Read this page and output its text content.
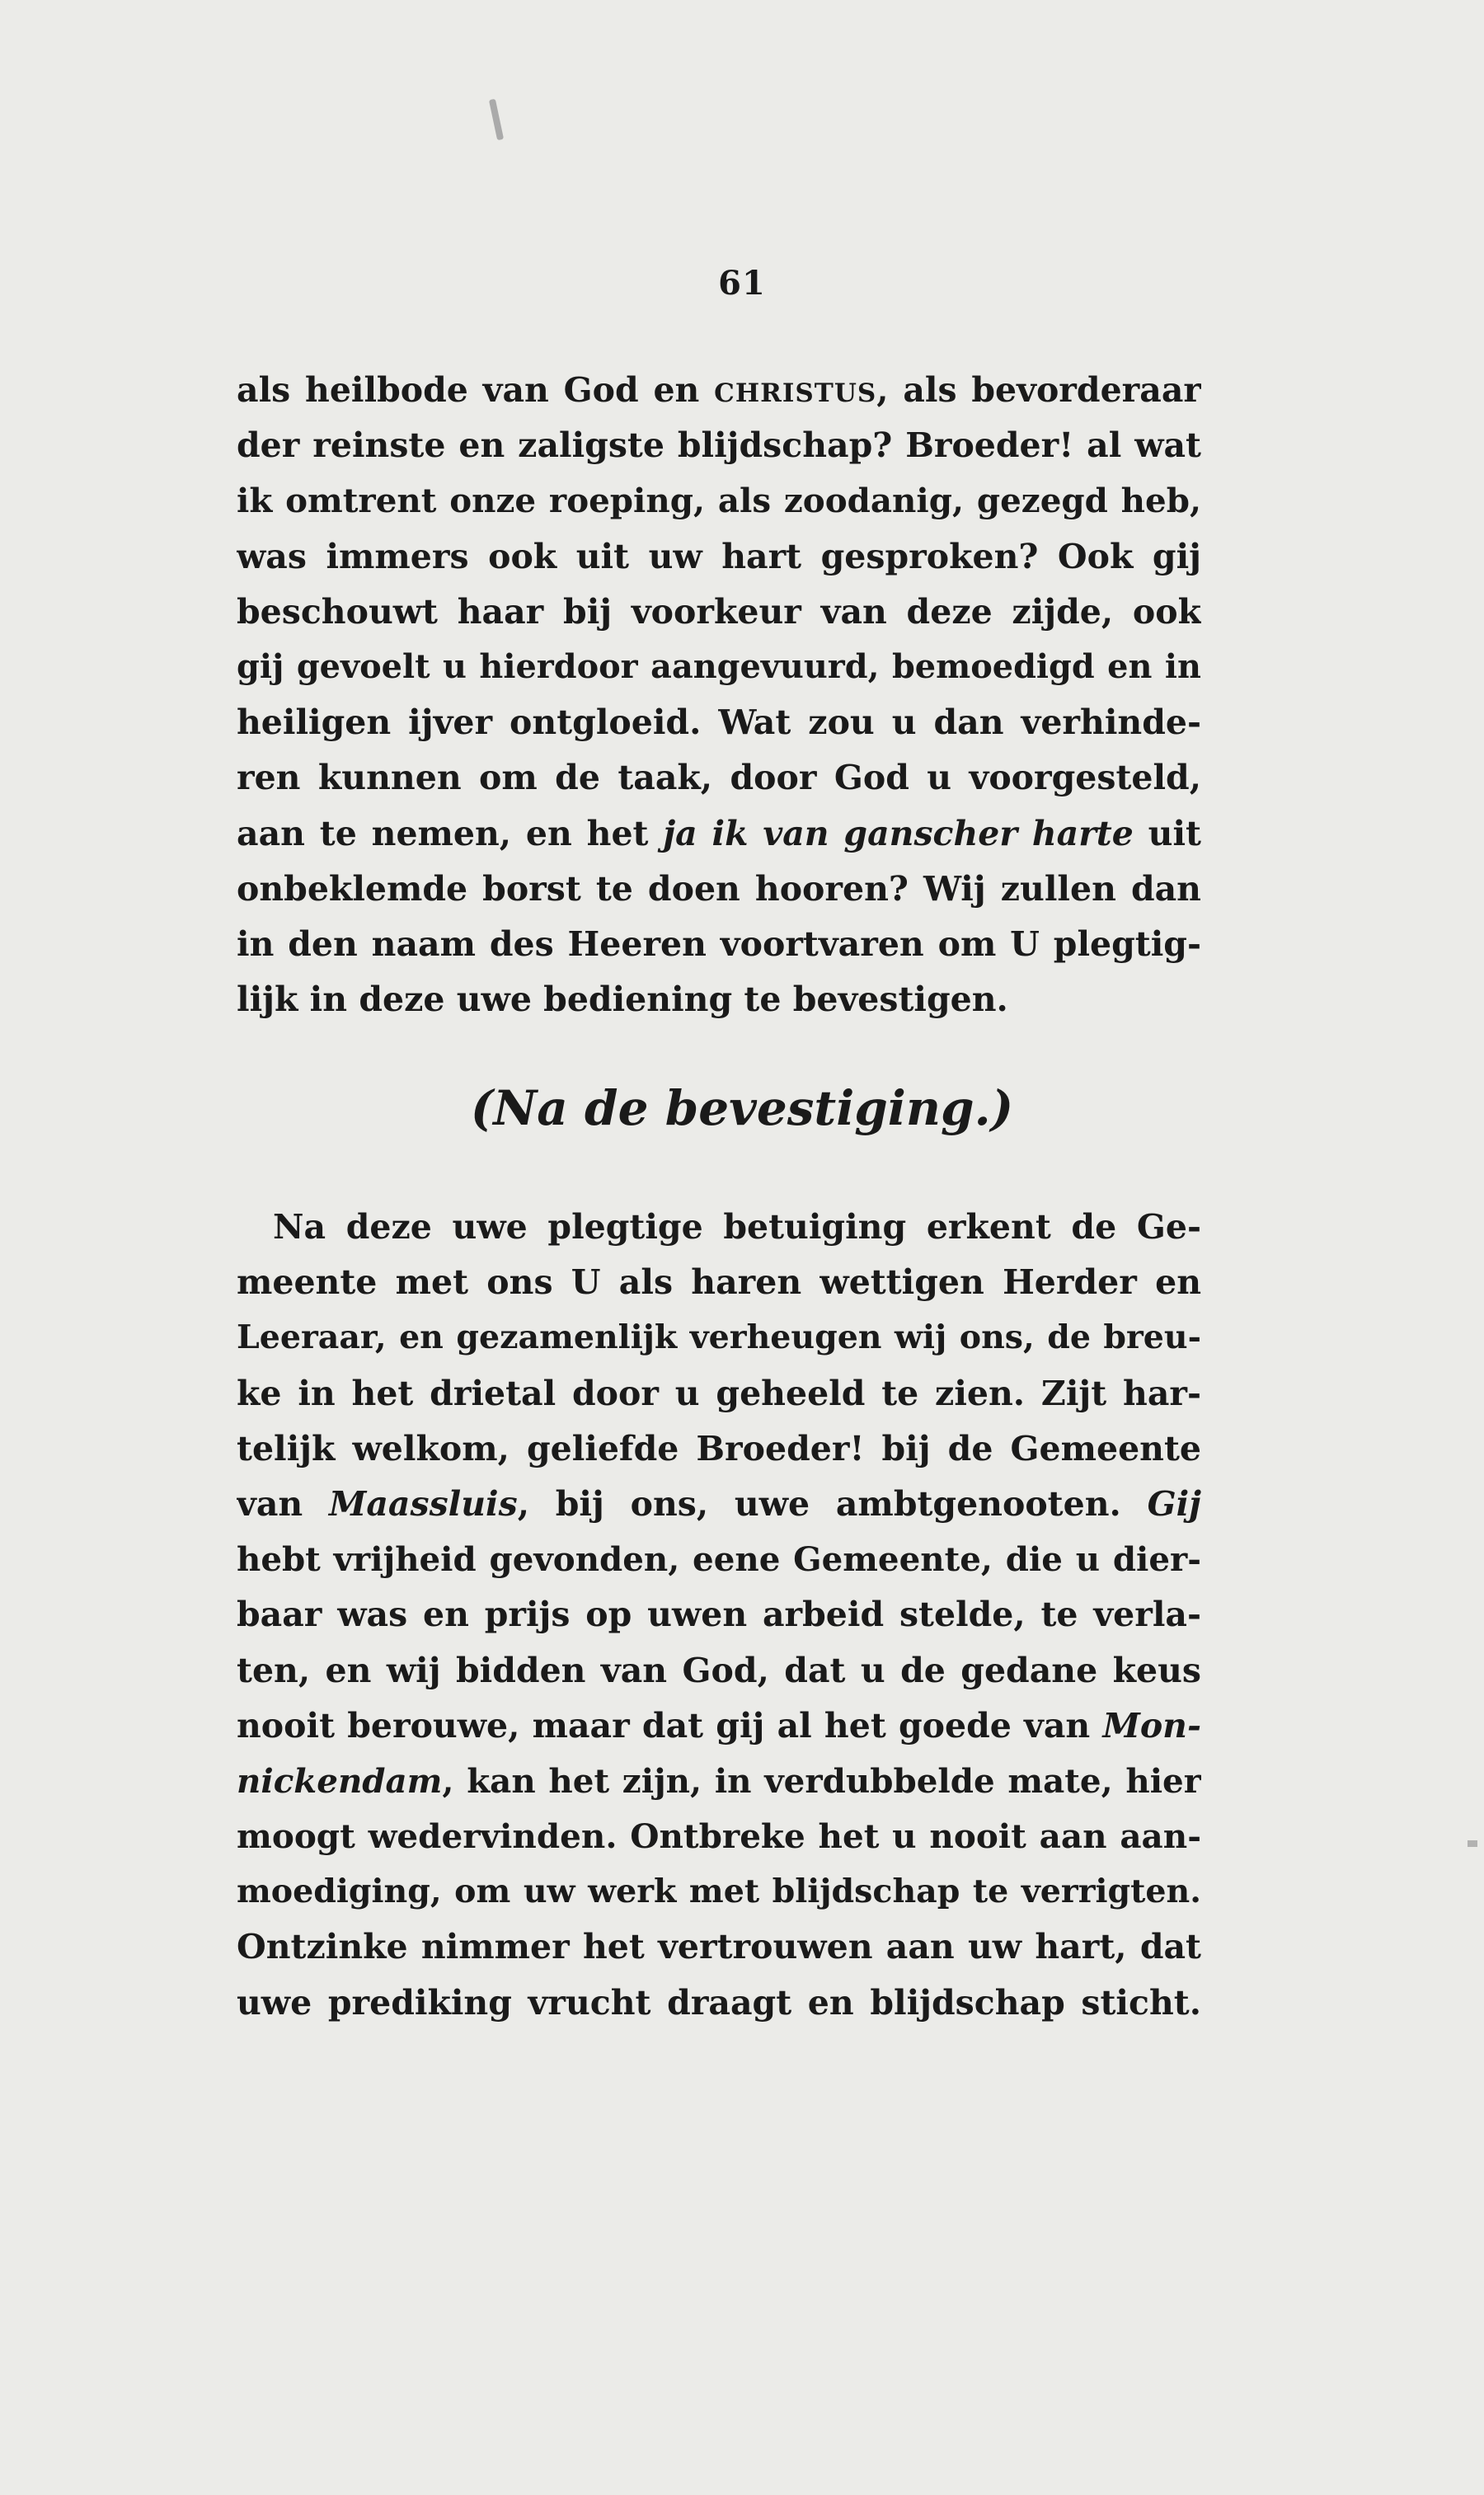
61
als heilbode van God en CHRISTUS, als bevorderaar
der reinste en zaligste blijdschap? Broeder! al wat
ik omtrent onze roeping, als zoodanig, gezegd heb,
was immers ook uit uw hart gesproken? Ook gij
beschouwt haar bij voorkeur van deze zijde, ook
gij gevoelt u hierdoor aangevuurd, bemoedigd en in
heiligen ijver ontgloeid. Wat zou u dan verhinde-
ren kunnen om de taak, door God u voorgesteld,
aan te nemen, en het ja ik van ganscher harte uit
onbeklemde borst te doen hooren? Wij zullen dan
in den naam des Heeren voortvaren om U plegtig-
lijk in deze uwe bediening te bevestigen.
(Na de bevestiging.)
Na deze uwe plegtige betuiging erkent de Ge-
meente met ons U als haren wettigen Herder en
Leeraar, en gezamenlijk verheugen wij ons, de breu-
ke in het drietal door u geheeld te zien. Zijt har-
telijk welkom, geliefde Broeder! bij de Gemeente
van Maassluis, bij ons, uwe ambtgenooten. Gij
hebt vrijheid gevonden, eene Gemeente, die u dier-
baar was en prijs op uwen arbeid stelde, te verla-
ten, en wij bidden van God, dat u de gedane keus
nooit berouwe, maar dat gij al het goede van Mon-
nickendam, kan het zijn, in verdubbelde mate, hier
moogt wedervinden. Ontbreke het u nooit aan aan-
moediging, om uw werk met blijdschap te verrigten.
Ontzinke nimmer het vertrouwen aan uw hart, dat
uwe prediking vrucht draagt en blijdschap sticht.
